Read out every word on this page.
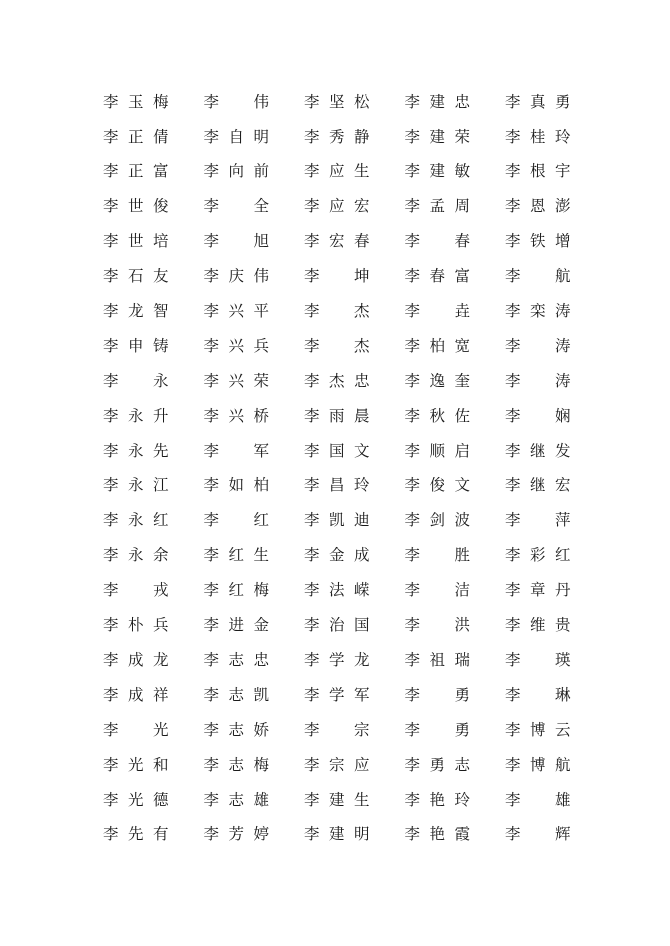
李 玉 梅	李	伟	李 坚 松	李 建 忠	李 真 勇
李 正 倩	李 自 明	李 秀 静	李 建 荣	李 桂 玲
李 正 富	李 向 前	李 应 生	李 建 敏	李 根 宇
李 世 俊	李	全	李 应 宏	李 孟 周	李 恩 澎
李 世 培	李	旭	李 宏 春	李	春	李 铁 增
李 石 友	李 庆 伟	李	坤	李 春 富	李	航
李 龙 智	李 兴 平	李	杰	李	垚	李 栾 涛
李 申 铸	李 兴 兵	李	杰	李 柏 宽	李	涛
李	永	李 兴 荣	李 杰 忠	李 逸 奎	李	涛
李 永 升	李 兴 桥	李 雨 晨	李 秋 佐	李	娴
李 永 先	李	军	李 国 文	李 顺 启	李 继 发
李 永 江	李 如 柏	李 昌 玲	李 俊 文	李 继 宏
李 永 红	李	红	李 凯 迪	李 剑 波	李	萍
李 永 余	李 红 生	李 金 成	李	胜	李 彩 红
李	戎	李 红 梅	李 法 嵘	李	洁	李 章 丹
李 朴 兵	李 进 金	李 治 国	李	洪	李 维 贵
李 成 龙	李 志 忠	李 学 龙	李 祖 瑞	李	瑛
李 成 祥	李 志 凯	李 学 军	李	勇	李	琳
李	光	李 志 娇	李	宗	李	勇	李 博 云
李 光 和	李 志 梅	李 宗 应	李 勇 志	李 博 航
李 光 德	李 志 雄	李 建 生	李 艳 玲	李	雄
李 先 有	李 芳 婷	李 建 明	李 艳 霞	李	辉
